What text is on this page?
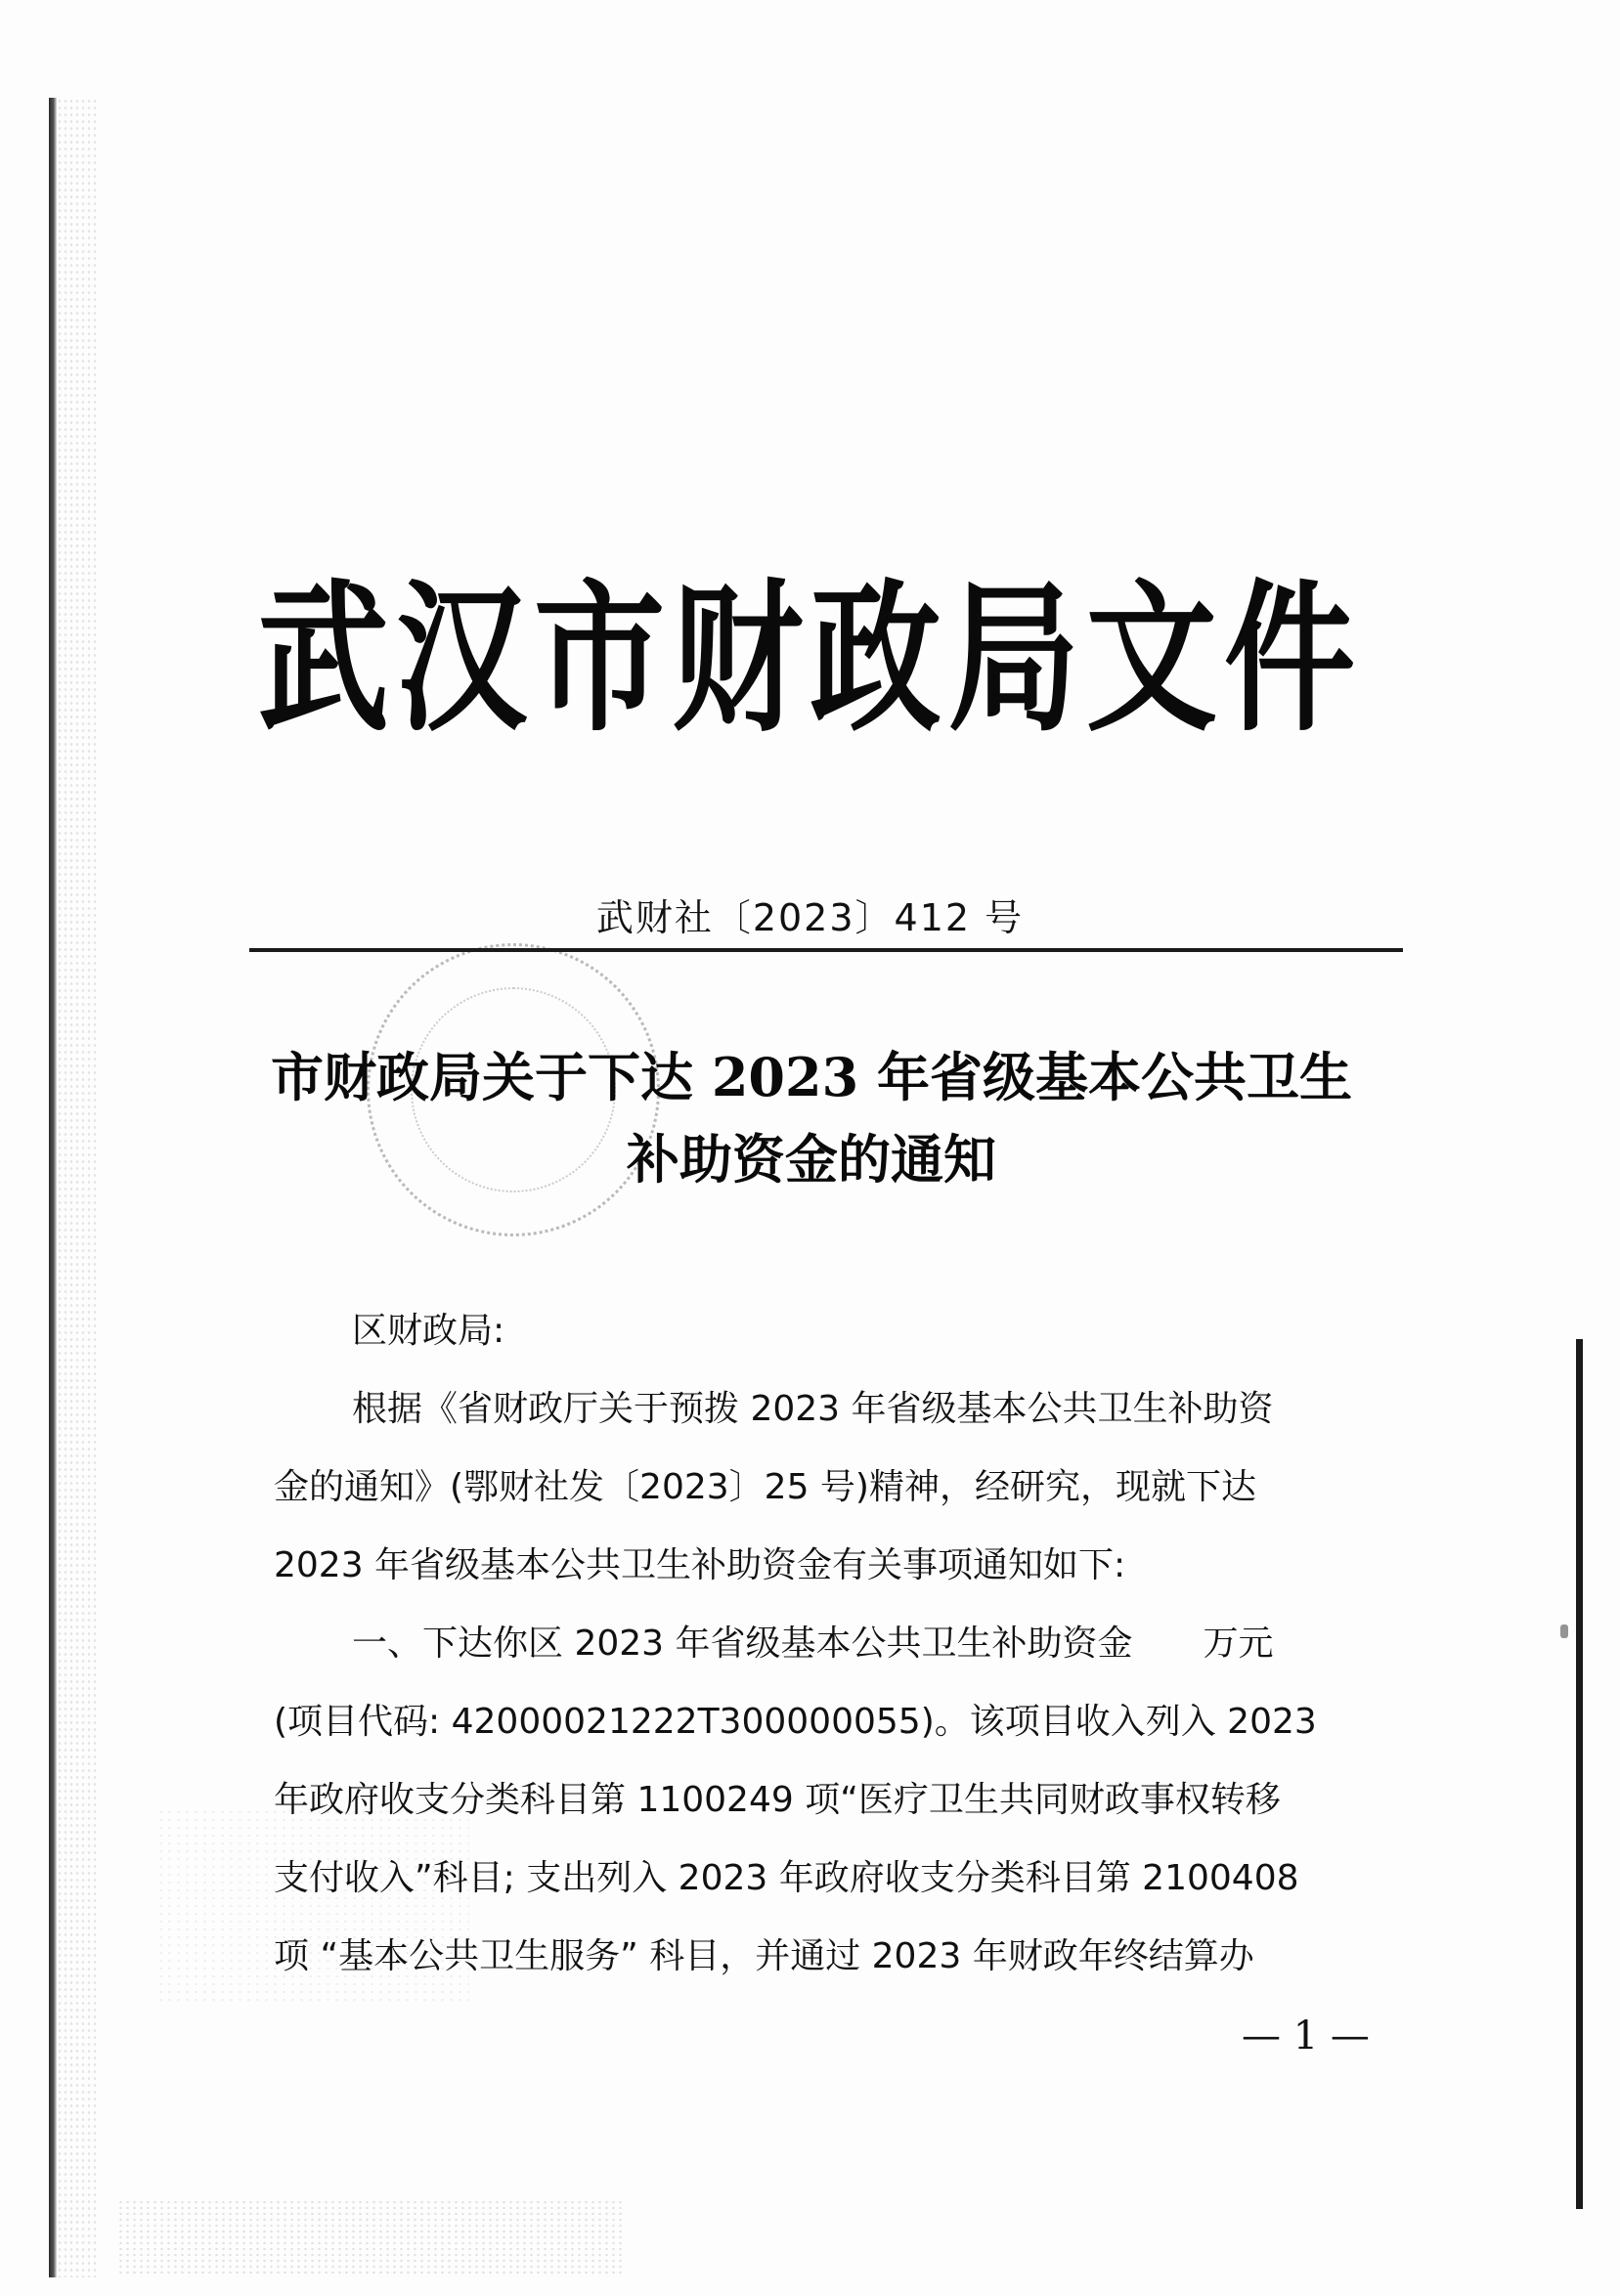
武汉市财政局文件
武财社〔2023〕412 号
市财政局关于下达 2023 年省级基本公共卫生
补助资金的通知
区财政局:
根据《省财政厅关于预拨 2023 年省级基本公共卫生补助资
金的通知》(鄂财社发〔2023〕25 号)精神，经研究，现就下达
2023 年省级基本公共卫生补助资金有关事项通知如下:
一、下达你区 2023 年省级基本公共卫生补助资金　　万元
(项目代码: 42000021222T300000055)。该项目收入列入 2023
年政府收支分类科目第 1100249 项“医疗卫生共同财政事权转移
支付收入”科目; 支出列入 2023 年政府收支分类科目第 2100408
项 “基本公共卫生服务” 科目，并通过 2023 年财政年终结算办
— 1 —
